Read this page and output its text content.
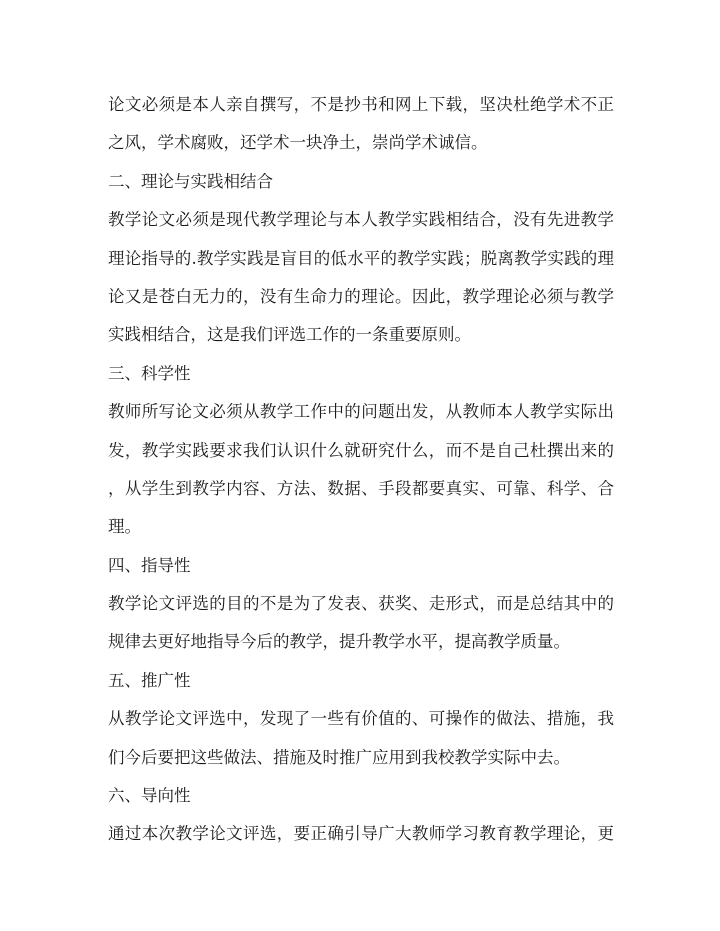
论文必须是本人亲自撰写，不是抄书和网上下载，坚决杜绝学术不正
之风，学术腐败，还学术一块净土，崇尚学术诚信。
二、理论与实践相结合
教学论文必须是现代教学理论与本人教学实践相结合，没有先进教学
理论指导的.教学实践是盲目的低水平的教学实践；脱离教学实践的理
论又是苍白无力的，没有生命力的理论。因此，教学理论必须与教学
实践相结合，这是我们评选工作的一条重要原则。
三、科学性
教师所写论文必须从教学工作中的问题出发，从教师本人教学实际出
发，教学实践要求我们认识什么就研究什么，而不是自己杜撰出来的
，从学生到教学内容、方法、数据、手段都要真实、可靠、科学、合
理。
四、指导性
教学论文评选的目的不是为了发表、获奖、走形式，而是总结其中的
规律去更好地指导今后的教学，提升教学水平，提高教学质量。
五、推广性
从教学论文评选中，发现了一些有价值的、可操作的做法、措施，我
们今后要把这些做法、措施及时推广应用到我校教学实际中去。
六、导向性
通过本次教学论文评选，要正确引导广大教师学习教育教学理论，更
